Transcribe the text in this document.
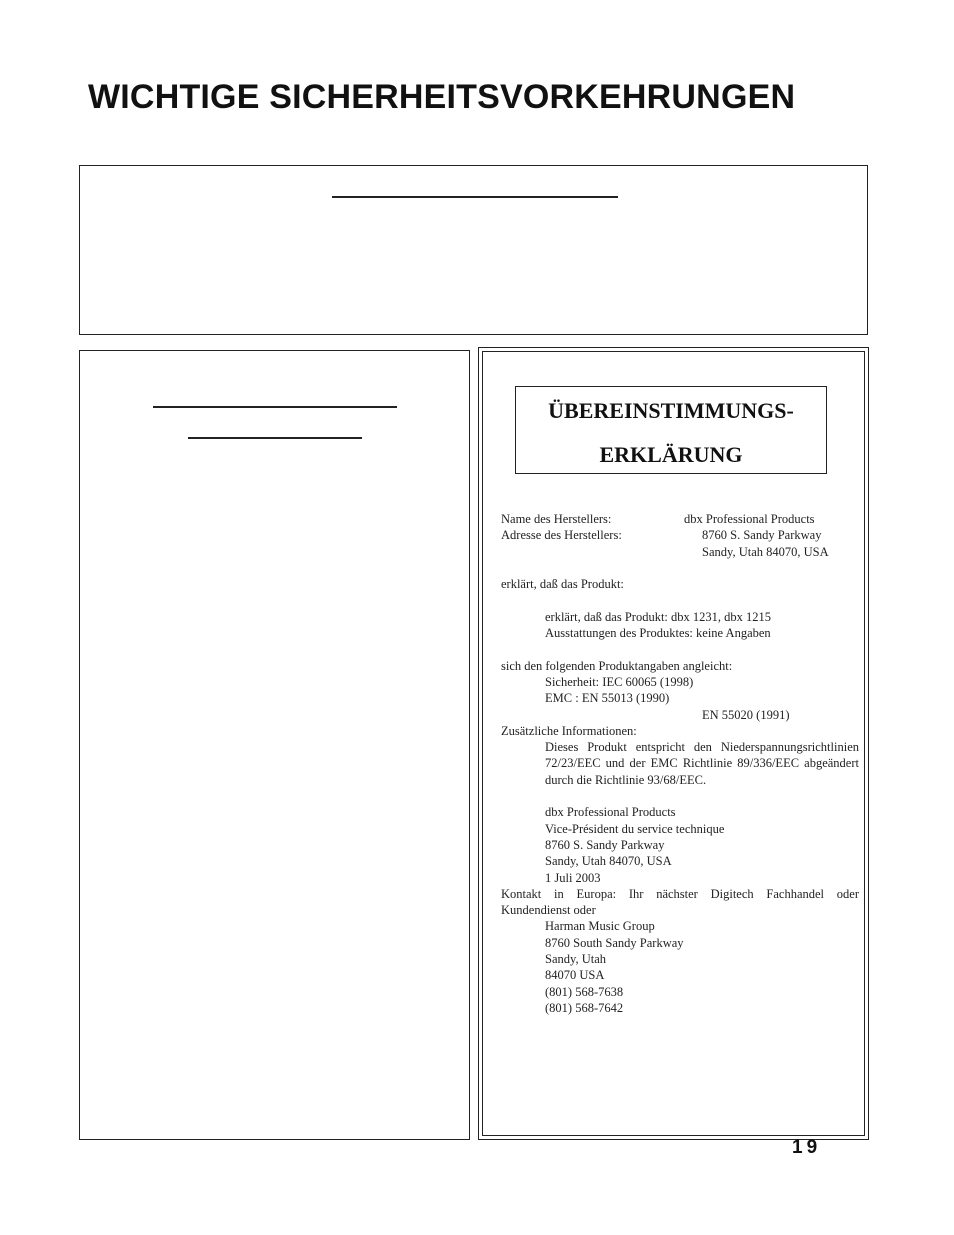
WICHTIGE SICHERHEITSVORKEHRUNGEN
ÜBEREINSTIMMUNGS-
ERKLÄRUNG
Name des Herstellers:	dbx Professional Products
Adresse des Herstellers:	8760 S. Sandy Parkway
Sandy, Utah 84070, USA
erklärt, daß das Produkt:
erklärt, daß das Produkt: dbx 1231, dbx 1215
Ausstattungen des Produktes: keine Angaben
sich den folgenden Produktangaben angleicht:
Sicherheit: IEC 60065 (1998)
EMC : EN 55013 (1990)
EN 55020 (1991)
Zusätzliche Informationen:
Dieses Produkt entspricht den Niederspannungsrichtlinien 72/23/EEC und der EMC Richtlinie 89/336/EEC abgeändert durch die Richtlinie 93/68/EEC.
dbx Professional Products
Vice-Président du service technique
8760 S. Sandy Parkway
Sandy, Utah 84070, USA
1 Juli 2003
Kontakt in Europa: Ihr nächster Digitech Fachhandel oder Kundendienst oder
Harman Music Group
8760 South Sandy Parkway
Sandy, Utah
84070 USA
(801) 568-7638
(801) 568-7642
19
